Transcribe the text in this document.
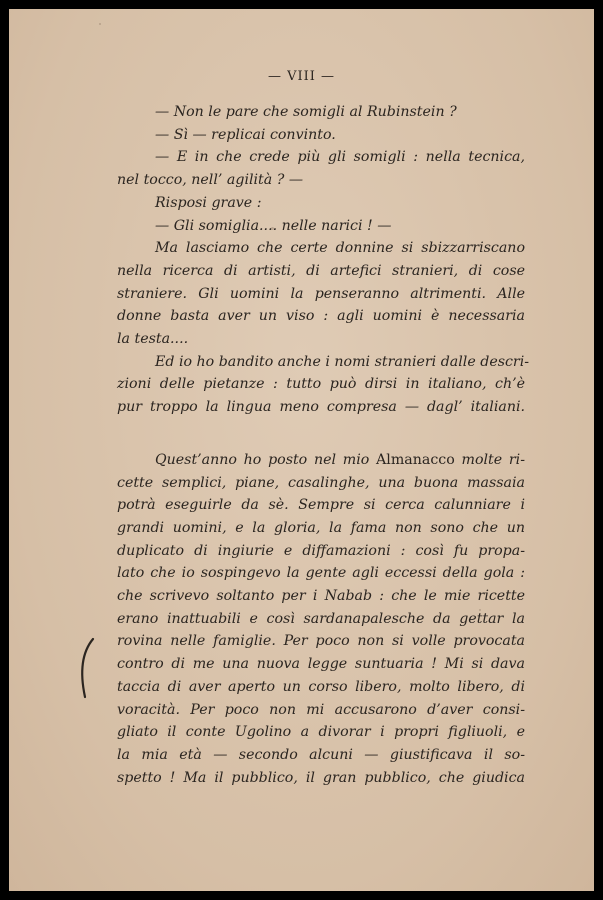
— VIII —
— Non le pare che somigli al Rubinstein ?
— Sì — replicai convinto.
— E in che crede più gli somigli : nella tecnica,
nel tocco, nell’ agilità ? —
Risposi grave :
— Gli somiglia.... nelle narici ! —
Ma lasciamo che certe donnine si sbizzarriscano
nella ricerca di artisti, di artefici stranieri, di cose
straniere. Gli uomini la penseranno altrimenti. Alle
donne basta aver un viso : agli uomini è necessaria
la testa....
Ed io ho bandito anche i nomi stranieri dalle descri-
zioni delle pietanze : tutto può dirsi in italiano, ch’è
pur troppo la lingua meno compresa — dagl’ italiani.
Quest’anno ho posto nel mio Almanacco molte ri-
cette semplici, piane, casalinghe, una buona massaia
potrà eseguirle da sè. Sempre si cerca calunniare i
grandi uomini, e la gloria, la fama non sono che un
duplicato di ingiurie e diffamazioni : così fu propa-
lato che io sospingevo la gente agli eccessi della gola :
che scrivevo soltanto per i Nabab : che le mie ricette
erano inattuabili e così sardanapalesche da gettar la
rovina nelle famiglie. Per poco non si volle provocata
contro di me una nuova legge suntuaria ! Mi si dava
taccia di aver aperto un corso libero, molto libero, di
voracità. Per poco non mi accusarono d’aver consi-
gliato il conte Ugolino a divorar i propri figliuoli, e
la mia età — secondo alcuni — giustificava il so-
spetto ! Ma il pubblico, il gran pubblico, che giudica
